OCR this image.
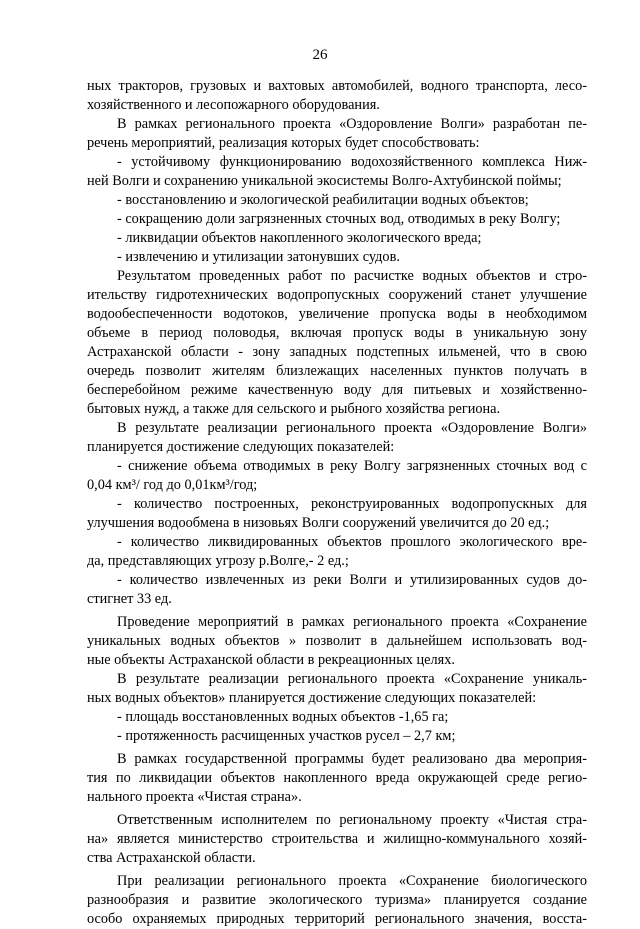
26
ных тракторов, грузовых и вахтовых автомобилей, водного транспорта, лесо-
хозяйственного и лесопожарного оборудования.
В рамках регионального проекта «Оздоровление Волги» разработан пе-
речень мероприятий, реализация которых будет способствовать:
- устойчивому функционированию водохозяйственного комплекса Ниж-
ней Волги и сохранению уникальной экосистемы Волго-Ахтубинской поймы;
- восстановлению и экологической реабилитации водных объектов;
- сокращению доли загрязненных сточных вод, отводимых в реку Волгу;
- ликвидации объектов накопленного экологического вреда;
- извлечению и утилизации затонувших судов.
Результатом проведенных работ по расчистке водных объектов и стро-
ительству гидротехнических водопропускных сооружений станет улучшение
водообеспеченности водотоков, увеличение пропуска воды в необходимом
объеме в период половодья, включая пропуск воды в уникальную зону
Астраханской области - зону западных подстепных ильменей, что в свою
очередь позволит жителям близлежащих населенных пунктов получать в
бесперебойном режиме качественную воду для питьевых и хозяйственно-
бытовых нужд, а также для сельского и рыбного хозяйства региона.
В результате реализации регионального проекта «Оздоровление Волги»
планируется достижение следующих показателей:
- снижение объема отводимых в реку Волгу загрязненных сточных вод с
0,04 км³/ год до 0,01км³/год;
- количество построенных, реконструированных водопропускных для
улучшения водообмена в низовьях Волги сооружений увеличится до 20 ед.;
- количество ликвидированных объектов прошлого экологического вре-
да, представляющих угрозу р.Волге,- 2 ед.;
- количество извлеченных из реки Волги и утилизированных судов до-
стигнет 33 ед.
Проведение мероприятий в рамках регионального проекта «Сохранение
уникальных водных объектов » позволит в дальнейшем использовать вод-
ные объекты Астраханской области в рекреационных целях.
В результате реализации регионального проекта «Сохранение уникаль-
ных водных объектов» планируется достижение следующих показателей:
- площадь восстановленных водных объектов -1,65 га;
- протяженность расчищенных участков русел – 2,7 км;
В рамках государственной программы будет реализовано два мероприя-
тия по ликвидации объектов накопленного вреда окружающей среде регио-
нального проекта «Чистая страна».
Ответственным исполнителем по региональному проекту «Чистая стра-
на» является министерство строительства и жилищно-коммунального хозяй-
ства Астраханской области.
При реализации регионального проекта «Сохранение биологического
разнообразия и развитие экологического туризма» планируется создание
особо охраняемых природных территорий регионального значения, восста-
